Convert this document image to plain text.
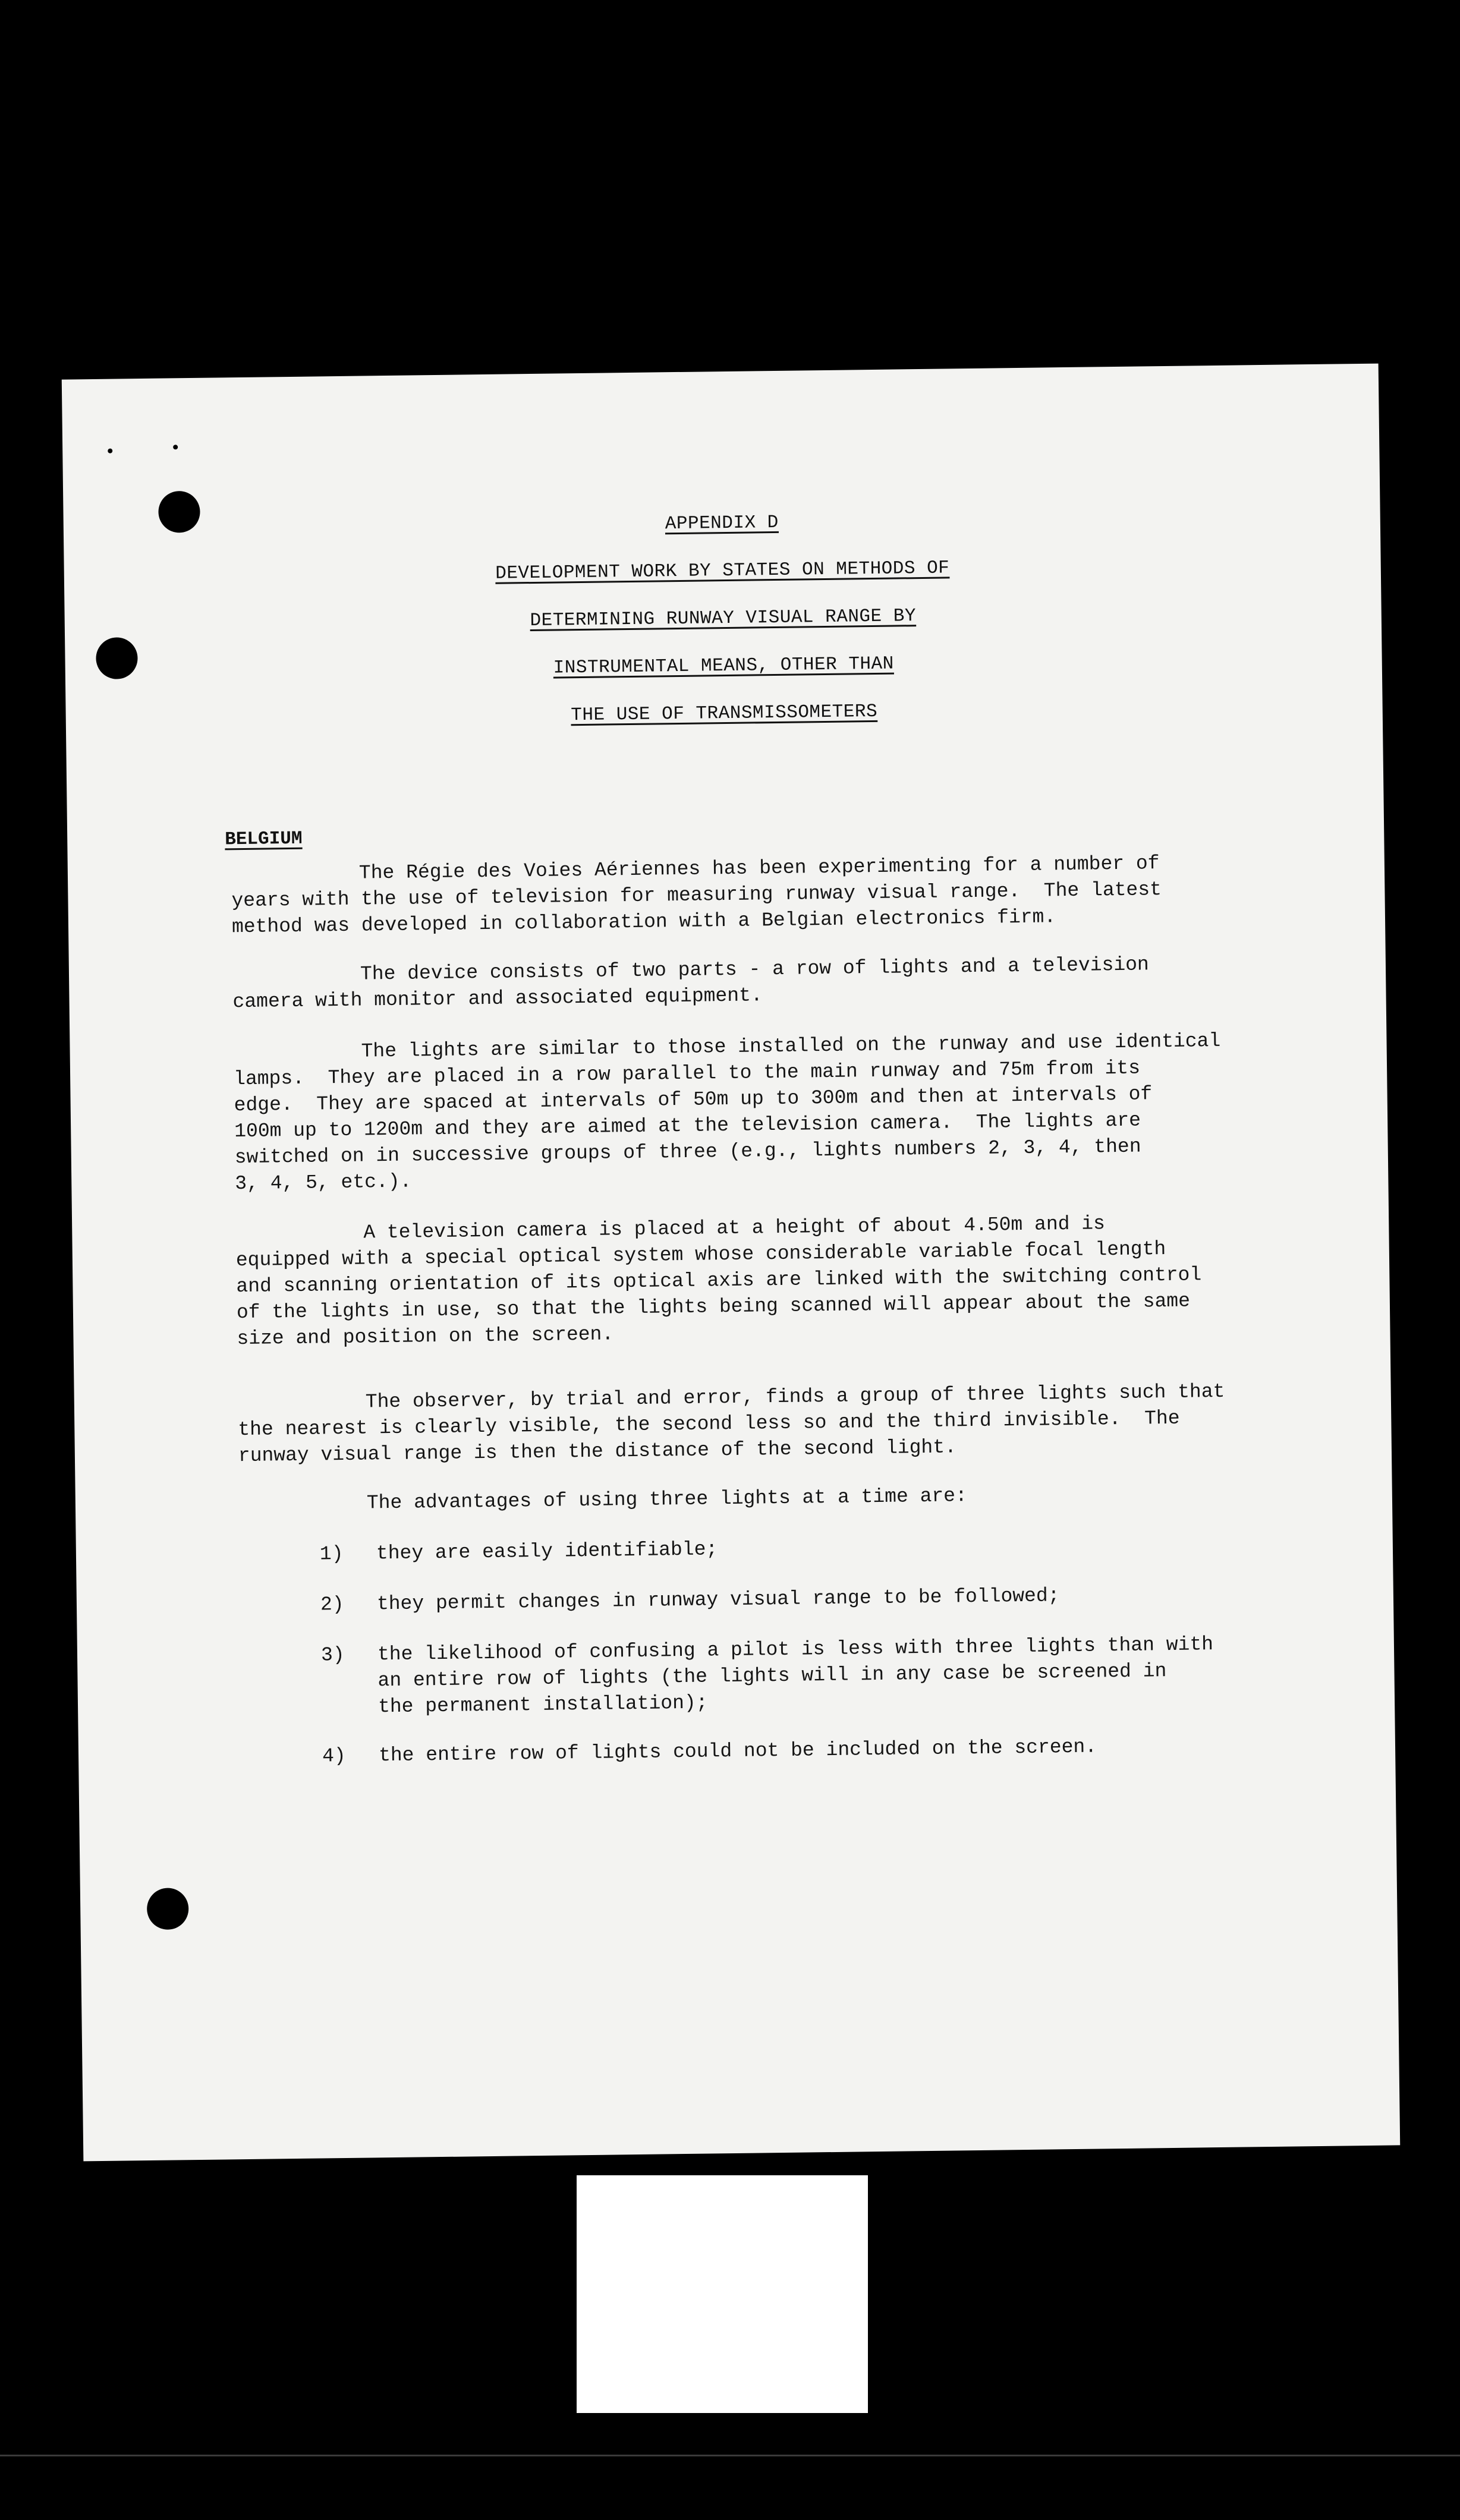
APPENDIX D
DEVELOPMENT WORK BY STATES ON METHODS OF
DETERMINING RUNWAY VISUAL RANGE BY
INSTRUMENTAL MEANS, OTHER THAN
THE USE OF TRANSMISSOMETERS
BELGIUM

The Régie des Voies Aériennes has been experimenting for a number of
years with the use of television for measuring runway visual range.  The latest
method was developed in collaboration with a Belgian electronics firm.

The device consists of two parts - a row of lights and a television
camera with monitor and associated equipment.

The lights are similar to those installed on the runway and use identical
lamps.  They are placed in a row parallel to the main runway and 75m from its
edge.  They are spaced at intervals of 50m up to 300m and then at intervals of
100m up to 1200m and they are aimed at the television camera.  The lights are
switched on in successive groups of three (e.g., lights numbers 2, 3, 4, then
3, 4, 5, etc.).

A television camera is placed at a height of about 4.50m and is
equipped with a special optical system whose considerable variable focal length
and scanning orientation of its optical axis are linked with the switching control
of the lights in use, so that the lights being scanned will appear about the same
size and position on the screen.

The observer, by trial and error, finds a group of three lights such that
the nearest is clearly visible, the second less so and the third invisible.  The
runway visual range is then the distance of the second light.

The advantages of using three lights at a time are:

1)	they are easily identifiable;
2)	they permit changes in runway visual range to be followed;
3)	the likelihood of confusing a pilot is less with three lights than with
an entire row of lights (the lights will in any case be screened in
the permanent installation);

4)	the entire row of lights could not be included on the screen.
